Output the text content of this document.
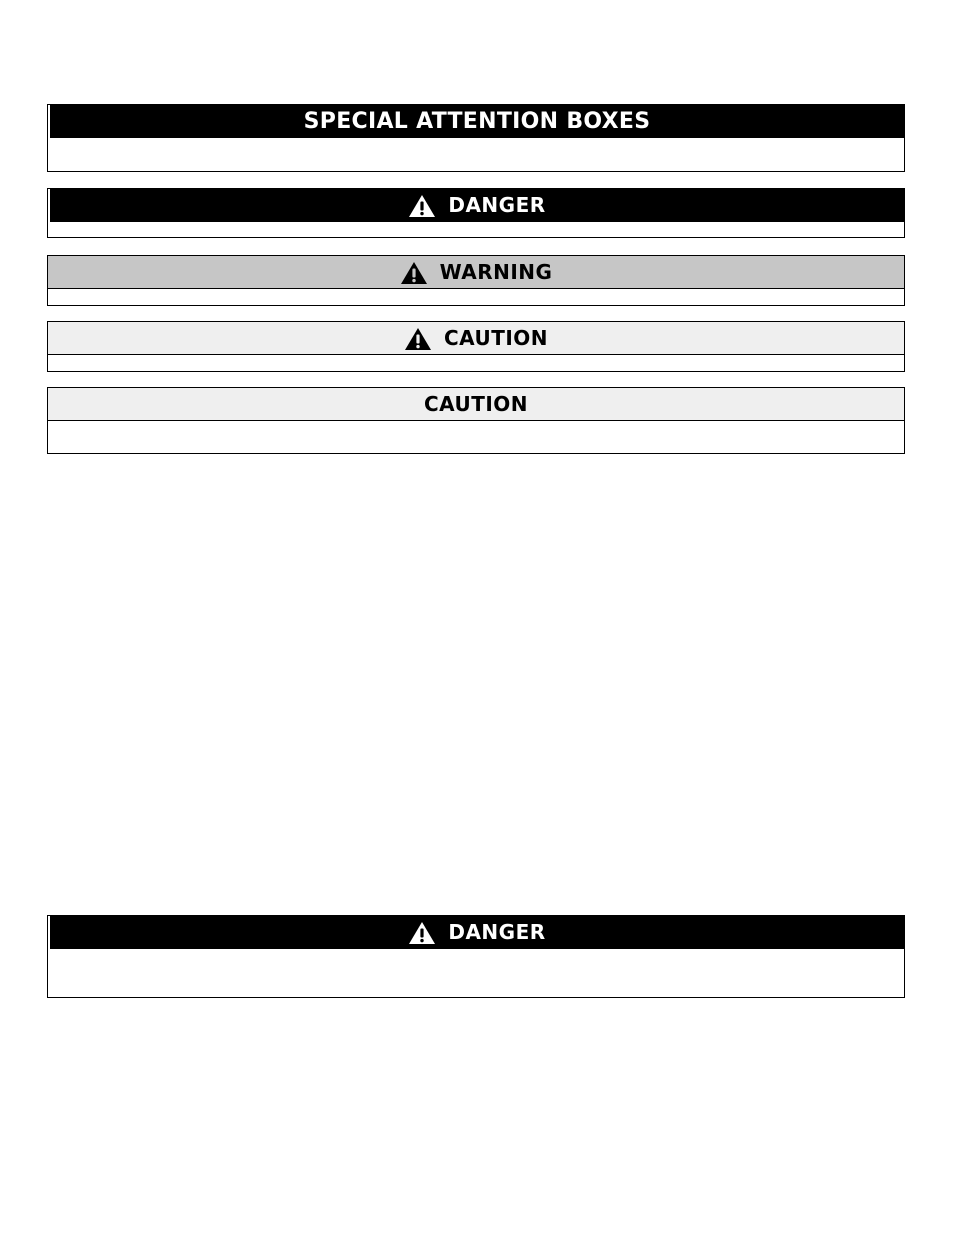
SPECIAL ATTENTION BOXES
DANGER
WARNING
CAUTION
CAUTION
DANGER
